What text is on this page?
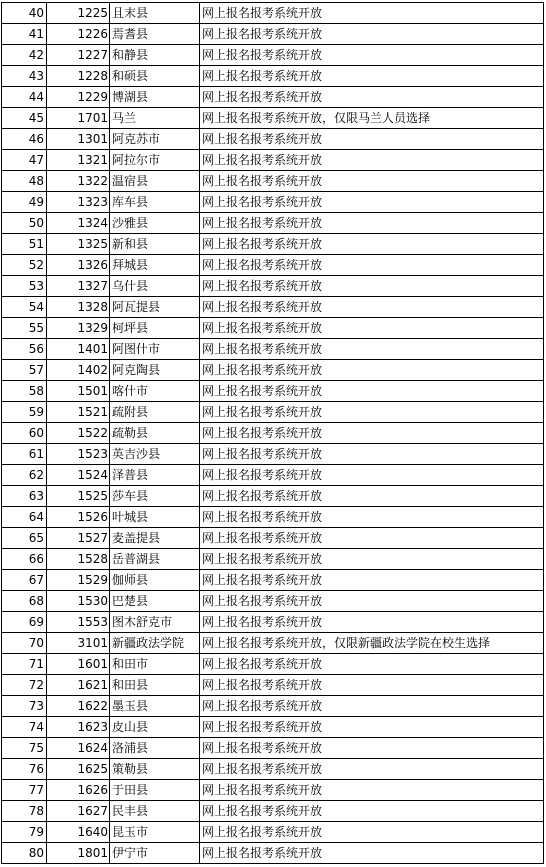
40	1225	且末县	网上报名报考系统开放
41	1226	焉耆县	网上报名报考系统开放
42	1227	和静县	网上报名报考系统开放
43	1228	和硕县	网上报名报考系统开放
44	1229	博湖县	网上报名报考系统开放
45	1701	马兰	网上报名报考系统开放，仅限马兰人员选择
46	1301	阿克苏市	网上报名报考系统开放
47	1321	阿拉尔市	网上报名报考系统开放
48	1322	温宿县	网上报名报考系统开放
49	1323	库车县	网上报名报考系统开放
50	1324	沙雅县	网上报名报考系统开放
51	1325	新和县	网上报名报考系统开放
52	1326	拜城县	网上报名报考系统开放
53	1327	乌什县	网上报名报考系统开放
54	1328	阿瓦提县	网上报名报考系统开放
55	1329	柯坪县	网上报名报考系统开放
56	1401	阿图什市	网上报名报考系统开放
57	1402	阿克陶县	网上报名报考系统开放
58	1501	喀什市	网上报名报考系统开放
59	1521	疏附县	网上报名报考系统开放
60	1522	疏勒县	网上报名报考系统开放
61	1523	英吉沙县	网上报名报考系统开放
62	1524	泽普县	网上报名报考系统开放
63	1525	莎车县	网上报名报考系统开放
64	1526	叶城县	网上报名报考系统开放
65	1527	麦盖提县	网上报名报考系统开放
66	1528	岳普湖县	网上报名报考系统开放
67	1529	伽师县	网上报名报考系统开放
68	1530	巴楚县	网上报名报考系统开放
69	1553	图木舒克市	网上报名报考系统开放
70	3101	新疆政法学院	网上报名报考系统开放，仅限新疆政法学院在校生选择
71	1601	和田市	网上报名报考系统开放
72	1621	和田县	网上报名报考系统开放
73	1622	墨玉县	网上报名报考系统开放
74	1623	皮山县	网上报名报考系统开放
75	1624	洛浦县	网上报名报考系统开放
76	1625	策勒县	网上报名报考系统开放
77	1626	于田县	网上报名报考系统开放
78	1627	民丰县	网上报名报考系统开放
79	1640	昆玉市	网上报名报考系统开放
80	1801	伊宁市	网上报名报考系统开放
